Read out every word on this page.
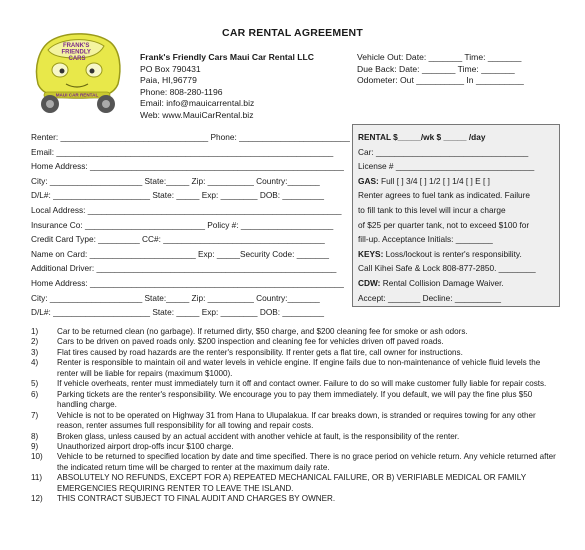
FRANK'S FRIENDLY CARS
MAUI CAR RENTAL
CAR RENTAL AGREEMENT
Frank's Friendly Cars Maui Car Rental LLC
PO Box 790431
Paia, HI,96779
Phone: 808-280-1196
Email: info@mauicarrental.biz
Web: www.MauiCarRental.biz
Vehicle Out: Date: _______ Time: _______
Due Back: Date: _______ Time: _______
Odometer: Out __________ In __________
Renter: ________________________________ Phone: ________________________
Email: ____________________________________________________________
Home Address: _______________________________________________________
City: ____________________ State:_____ Zip: __________ Country:_______
D/L#: _____________________ State: _____ Exp: ________ DOB: _________
Local Address: _______________________________________________________
Insurance Co: __________________________ Policy #: ____________________
Credit Card Type: _________ CC#: ___________________________________
Name on Card: _______________________ Exp: _____Security Code: _______
Additional Driver: ____________________________________________________
Home Address: _______________________________________________________
City: ____________________ State:_____ Zip: __________ Country:_______
D/L#: _____________________ State: _____ Exp: ________ DOB: _________
RENTAL $_____/wk $ _____ /day
Car: _________________________________
License # ______________________________
GAS: Full [ ] 3/4 [ ] 1/2 [ ] 1/4 [ ] E [ ]
Renter agrees to fuel tank as indicated. Failure
to fill tank to this level will incur a charge
of $25 per quarter tank, not to exceed $100 for
fill-up. Acceptance Initials: ________
KEYS: Loss/lockout is renter's responsibility.
Call Kihei Safe & Lock 808-877-2850. ________
CDW: Rental Collision Damage Waiver.
Accept: _______ Decline: __________
1) Car to be returned clean (no garbage). If returned dirty, $50 charge, and $200 cleaning fee for smoke or ash odors.
2) Cars to be driven on paved roads only. $200 inspection and cleaning fee for vehicles driven off paved roads.
3) Flat tires caused by road hazards are the renter's responsibility. If renter gets a flat tire, call owner for instructions.
4) Renter is responsible to maintain oil and water levels in vehicle engine. If engine fails due to non-maintenance of vehicle fluid levels the renter will be liable for repairs (maximum $1000).
5) If vehicle overheats, renter must immediately turn it off and contact owner. Failure to do so will make customer fully liable for repair costs.
6) Parking tickets are the renter's responsibility. We encourage you to pay them immediately. If you default, we will pay the fine plus $50 handling charge.
7) Vehicle is not to be operated on Highway 31 from Hana to Ulupalakua. If car breaks down, is stranded or requires towing for any other reason, renter assumes full responsibility for all towing and repair costs.
8) Broken glass, unless caused by an actual accident with another vehicle at fault, is the responsibility of the renter.
9) Unauthorized airport drop-offs incur $100 charge.
10) Vehicle to be returned to specified location by date and time specified. There is no grace period on vehicle return. Any vehicle returned after the indicated return time will be charged to renter at the maximum daily rate.
11) ABSOLUTELY NO REFUNDS, EXCEPT FOR A) REPEATED MECHANICAL FAILURE, OR B) VERIFIABLE MEDICAL OR FAMILY EMERGENCIES REQUIRING RENTER TO LEAVE THE ISLAND.
12) THIS CONTRACT SUBJECT TO FINAL AUDIT AND CHARGES BY OWNER.
